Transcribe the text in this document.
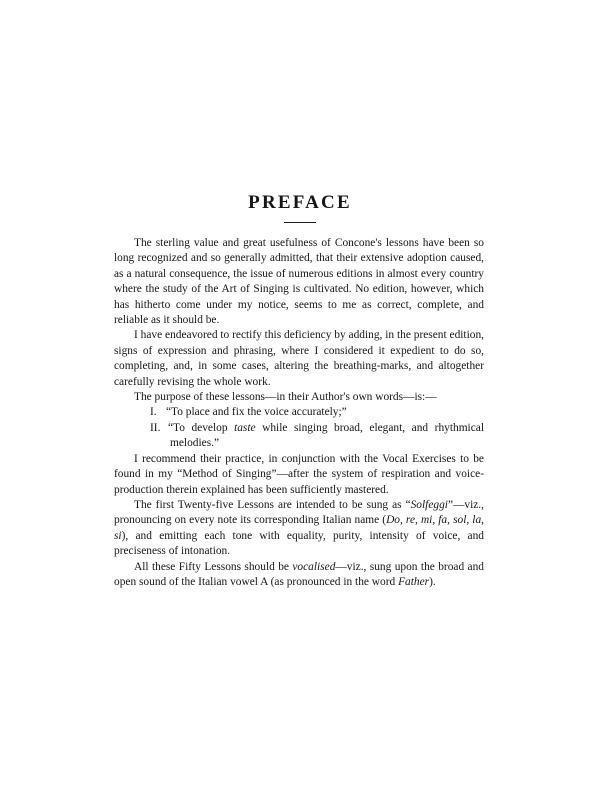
PREFACE

The sterling value and great usefulness of Concone's lessons have been so long recognized and so generally admitted, that their extensive adoption caused, as a natural consequence, the issue of numerous editions in almost every country where the study of the Art of Singing is cultivated. No edition, however, which has hitherto come under my notice, seems to me as correct, complete, and reliable as it should be.

I have endeavored to rectify this deficiency by adding, in the present edition, signs of expression and phrasing, where I considered it expedient to do so, completing, and, in some cases, altering the breathing-marks, and altogether carefully revising the whole work.

The purpose of these lessons—in their Author's own words—is:—

I. “To place and fix the voice accurately;”
II. “To develop taste while singing broad, elegant, and rhythmical melodies.”

I recommend their practice, in conjunction with the Vocal Exercises to be found in my “Method of Singing”—after the system of respiration and voice-production therein explained has been sufficiently mastered.

The first Twenty-five Lessons are intended to be sung as “Solfeggi”—viz., pronouncing on every note its corresponding Italian name (Do, re, mi, fa, sol, la, si), and emitting each tone with equality, purity, intensity of voice, and preciseness of intonation.

All these Fifty Lessons should be vocalised—viz., sung upon the broad and open sound of the Italian vowel A (as pronounced in the word Father).
